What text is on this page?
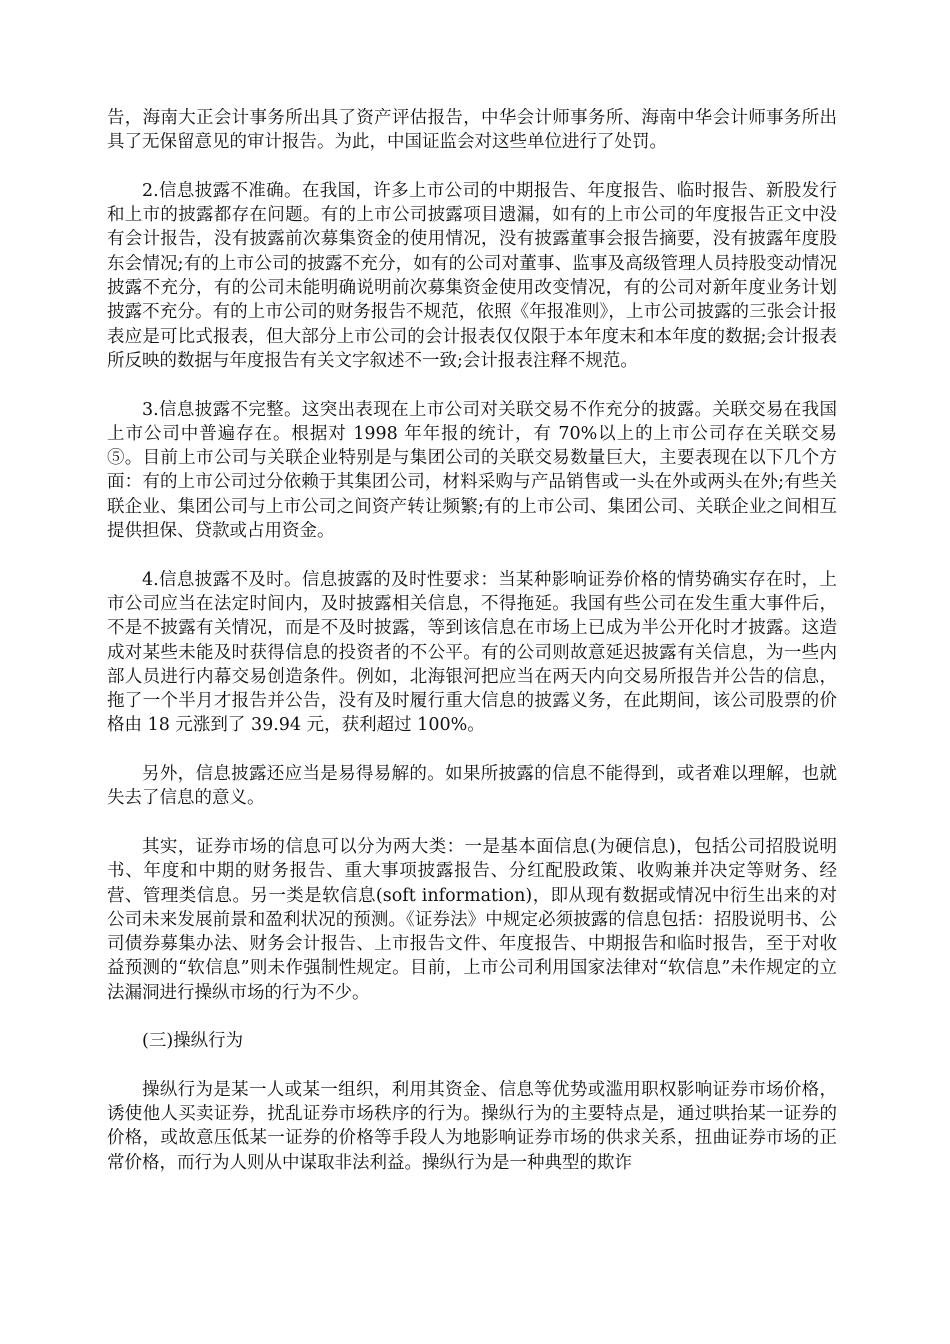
告，海南大正会计事务所出具了资产评估报告，中华会计师事务所、海南中华会计师事务所出具了无保留意见的审计报告。为此，中国证监会对这些单位进行了处罚。

2.信息披露不准确。在我国，许多上市公司的中期报告、年度报告、临时报告、新股发行和上市的披露都存在问题。有的上市公司披露项目遗漏，如有的上市公司的年度报告正文中没有会计报告，没有披露前次募集资金的使用情况，没有披露董事会报告摘要，没有披露年度股东会情况;有的上市公司的披露不充分，如有的公司对董事、监事及高级管理人员持股变动情况披露不充分，有的公司未能明确说明前次募集资金使用改变情况，有的公司对新年度业务计划披露不充分。有的上市公司的财务报告不规范，依照《年报准则》，上市公司披露的三张会计报表应是可比式报表，但大部分上市公司的会计报表仅仅限于本年度末和本年度的数据;会计报表所反映的数据与年度报告有关文字叙述不一致;会计报表注释不规范。

3.信息披露不完整。这突出表现在上市公司对关联交易不作充分的披露。关联交易在我国上市公司中普遍存在。根据对 1998 年年报的统计，有 70%以上的上市公司存在关联交易⑤。目前上市公司与关联企业特别是与集团公司的关联交易数量巨大，主要表现在以下几个方面：有的上市公司过分依赖于其集团公司，材料采购与产品销售或一头在外或两头在外;有些关联企业、集团公司与上市公司之间资产转让频繁;有的上市公司、集团公司、关联企业之间相互提供担保、贷款或占用资金。

4.信息披露不及时。信息披露的及时性要求：当某种影响证券价格的情势确实存在时，上市公司应当在法定时间内，及时披露相关信息，不得拖延。我国有些公司在发生重大事件后，不是不披露有关情况，而是不及时披露，等到该信息在市场上已成为半公开化时才披露。这造成对某些未能及时获得信息的投资者的不公平。有的公司则故意延迟披露有关信息，为一些内部人员进行内幕交易创造条件。例如，北海银河把应当在两天内向交易所报告并公告的信息，拖了一个半月才报告并公告，没有及时履行重大信息的披露义务，在此期间，该公司股票的价格由 18 元涨到了 39.94 元，获利超过 100%。

另外，信息披露还应当是易得易解的。如果所披露的信息不能得到，或者难以理解，也就失去了信息的意义。

其实，证券市场的信息可以分为两大类：一是基本面信息(为硬信息)，包括公司招股说明书、年度和中期的财务报告、重大事项披露报告、分红配股政策、收购兼并决定等财务、经营、管理类信息。另一类是软信息(soft information)，即从现有数据或情况中衍生出来的对公司未来发展前景和盈利状况的预测。《证券法》中规定必须披露的信息包括：招股说明书、公司债券募集办法、财务会计报告、上市报告文件、年度报告、中期报告和临时报告，至于对收益预测的“软信息”则未作强制性规定。目前，上市公司利用国家法律对“软信息”未作规定的立法漏洞进行操纵市场的行为不少。

(三)操纵行为

操纵行为是某一人或某一组织，利用其资金、信息等优势或滥用职权影响证券市场价格，诱使他人买卖证券，扰乱证券市场秩序的行为。操纵行为的主要特点是，通过哄抬某一证券的价格，或故意压低某一证券的价格等手段人为地影响证券市场的供求关系，扭曲证券市场的正常价格，而行为人则从中谋取非法利益。操纵行为是一种典型的欺诈
